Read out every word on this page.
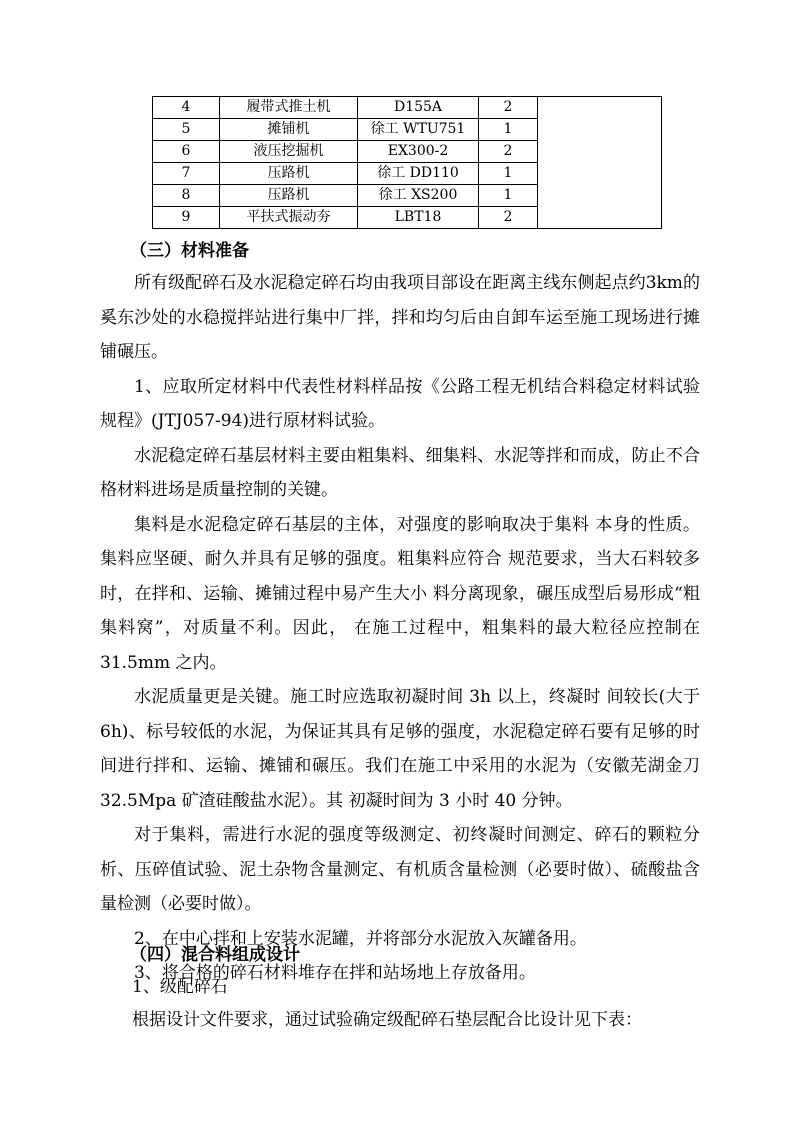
4	履带式推土机	D155A	2	
5	摊铺机	徐工 WTU751	1	
6	液压挖掘机	EX300-2	2	
7	压路机	徐工 DD110	1	
8	压路机	徐工 XS200	1	
9	平扶式振动夯	LBT18	2	
（三）材料准备

所有级配碎石及水泥稳定碎石均由我项目部设在距离主线东侧起点约3km的奚东沙处的水稳搅拌站进行集中厂拌，拌和均匀后由自卸车运至施工现场进行摊铺碾压。

1、应取所定材料中代表性材料样品按《公路工程无机结合料稳定材料试验规程》(JTJ057-94)进行原材料试验。

水泥稳定碎石基层材料主要由粗集料、细集料、水泥等拌和而成，防止不合格材料进场是质量控制的关键。

集料是水泥稳定碎石基层的主体，对强度的影响取决于集料 本身的性质。集料应坚硬、耐久并具有足够的强度。粗集料应符合 规范要求，当大石料较多时，在拌和、运输、摊铺过程中易产生大小 料分离现象，碾压成型后易形成“粗集料窝”，对质量不利。因此， 在施工过程中，粗集料的最大粒径应控制在 31.5mm 之内。

水泥质量更是关键。施工时应选取初凝时间 3h 以上，终凝时 间较长(大于 6h)、标号较低的水泥，为保证其具有足够的强度，水泥稳定碎石要有足够的时间进行拌和、运输、摊铺和碾压。我们在施工中采用的水泥为（安徽芜湖金刀 32.5Mpa 矿渣硅酸盐水泥）。其 初凝时间为 3 小时 40 分钟。

对于集料，需进行水泥的强度等级测定、初终凝时间测定、碎石的颗粒分析、压碎值试验、泥土杂物含量测定、有机质含量检测（必要时做）、硫酸盐含量检测（必要时做）。

2、在中心拌和上安装水泥罐，并将部分水泥放入灰罐备用。

3、将合格的碎石材料堆存在拌和站场地上存放备用。

（四）混合料组成设计
1、级配碎石
根据设计文件要求，通过试验确定级配碎石垫层配合比设计见下表：
